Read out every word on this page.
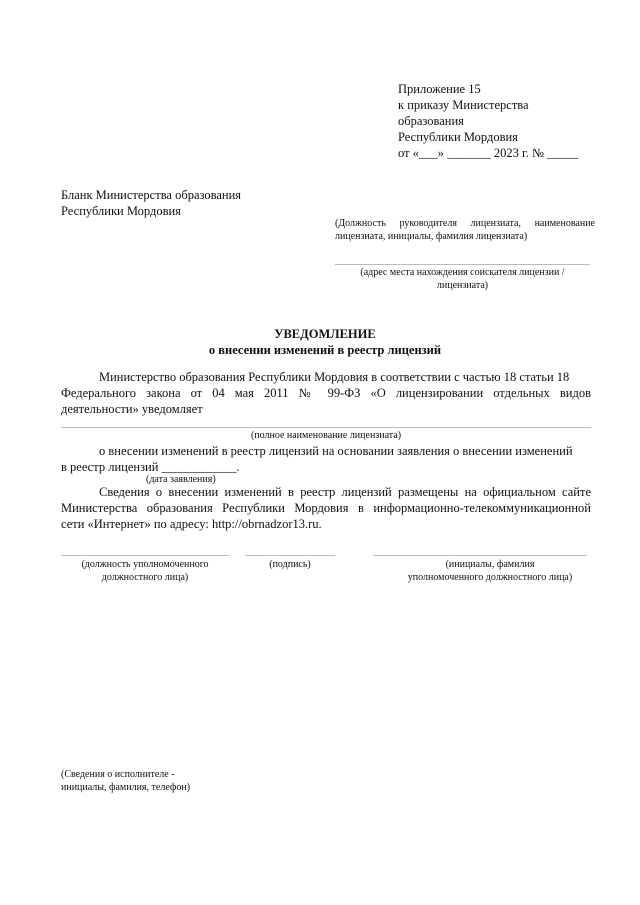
Приложение 15
к приказу Министерства
образования
Республики Мордовия
от «___» _______ 2023 г. № _____
Бланк Министерства образования
Республики Мордовия
(Должность руководителя лицензиата, наименование
лицензиата, инициалы, фамилия лицензиата)
(адрес места нахождения соискателя лицензии /
лицензиата)
УВЕДОМЛЕНИЕ
о внесении изменений в реестр лицензий
Министерство образования Республики Мордовия в соответствии с частью 18 статьи 18
Федерального закона от 04 мая 2011 № 99-ФЗ «О лицензировании отдельных видов
деятельности» уведомляет
(полное наименование лицензиата)
о внесении изменений в реестр лицензий на основании заявления о внесении изменений
в реестр лицензий ____________.
(дата заявления)
Сведения о внесении изменений в реестр лицензий размещены на официальном сайте
Министерства образования Республики Мордовия в информационно-телекоммуникационной
сети «Интернет» по адресу: http://obrnadzor13.ru.
(должность уполномоченного
должностного лица)
(подпись)	(инициалы, фамилия
уполномоченного должностного лица)
(Сведения о исполнителе -
инициалы, фамилия, телефон)
